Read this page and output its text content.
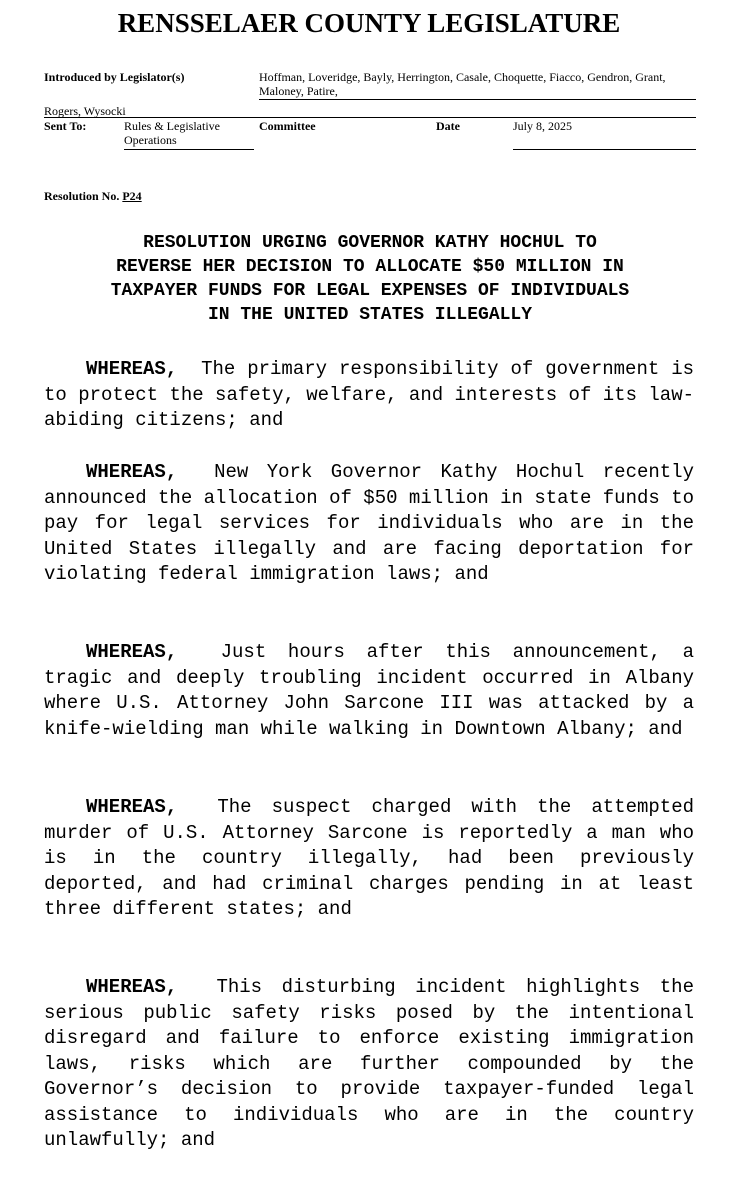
RENSSELAER COUNTY LEGISLATURE
Introduced by Legislator(s)	Hoffman, Loveridge, Bayly, Herrington, Casale, Choquette, Fiacco, Gendron, Grant,
Maloney, Patire,
Rogers, Wysocki
Sent To:	Rules & Legislative
Operations
Committee	Date	July 8, 2025
Resolution No. P24
RESOLUTION URGING GOVERNOR KATHY HOCHUL TO
REVERSE HER DECISION TO ALLOCATE $50 MILLION IN
TAXPAYER FUNDS FOR LEGAL EXPENSES OF INDIVIDUALS
IN THE UNITED STATES ILLEGALLY

WHEREAS, The primary responsibility of government is to protect the safety, welfare, and interests of its law-abiding citizens; and

WHEREAS, New York Governor Kathy Hochul recently announced the allocation of $50 million in state funds to pay for legal services for individuals who are in the United States illegally and are facing deportation for violating federal immigration laws; and

WHEREAS, Just hours after this announcement, a tragic and deeply troubling incident occurred in Albany where U.S. Attorney John Sarcone III was attacked by a knife-wielding man while walking in Downtown Albany; and

WHEREAS, The suspect charged with the attempted murder of U.S. Attorney Sarcone is reportedly a man who is in the country illegally, had been previously deported, and had criminal charges pending in at least three different states; and

WHEREAS, This disturbing incident highlights the serious public safety risks posed by the intentional disregard and failure to enforce existing immigration laws, risks which are further compounded by the Governor’s decision to provide taxpayer-funded legal assistance to individuals who are in the country unlawfully; and
